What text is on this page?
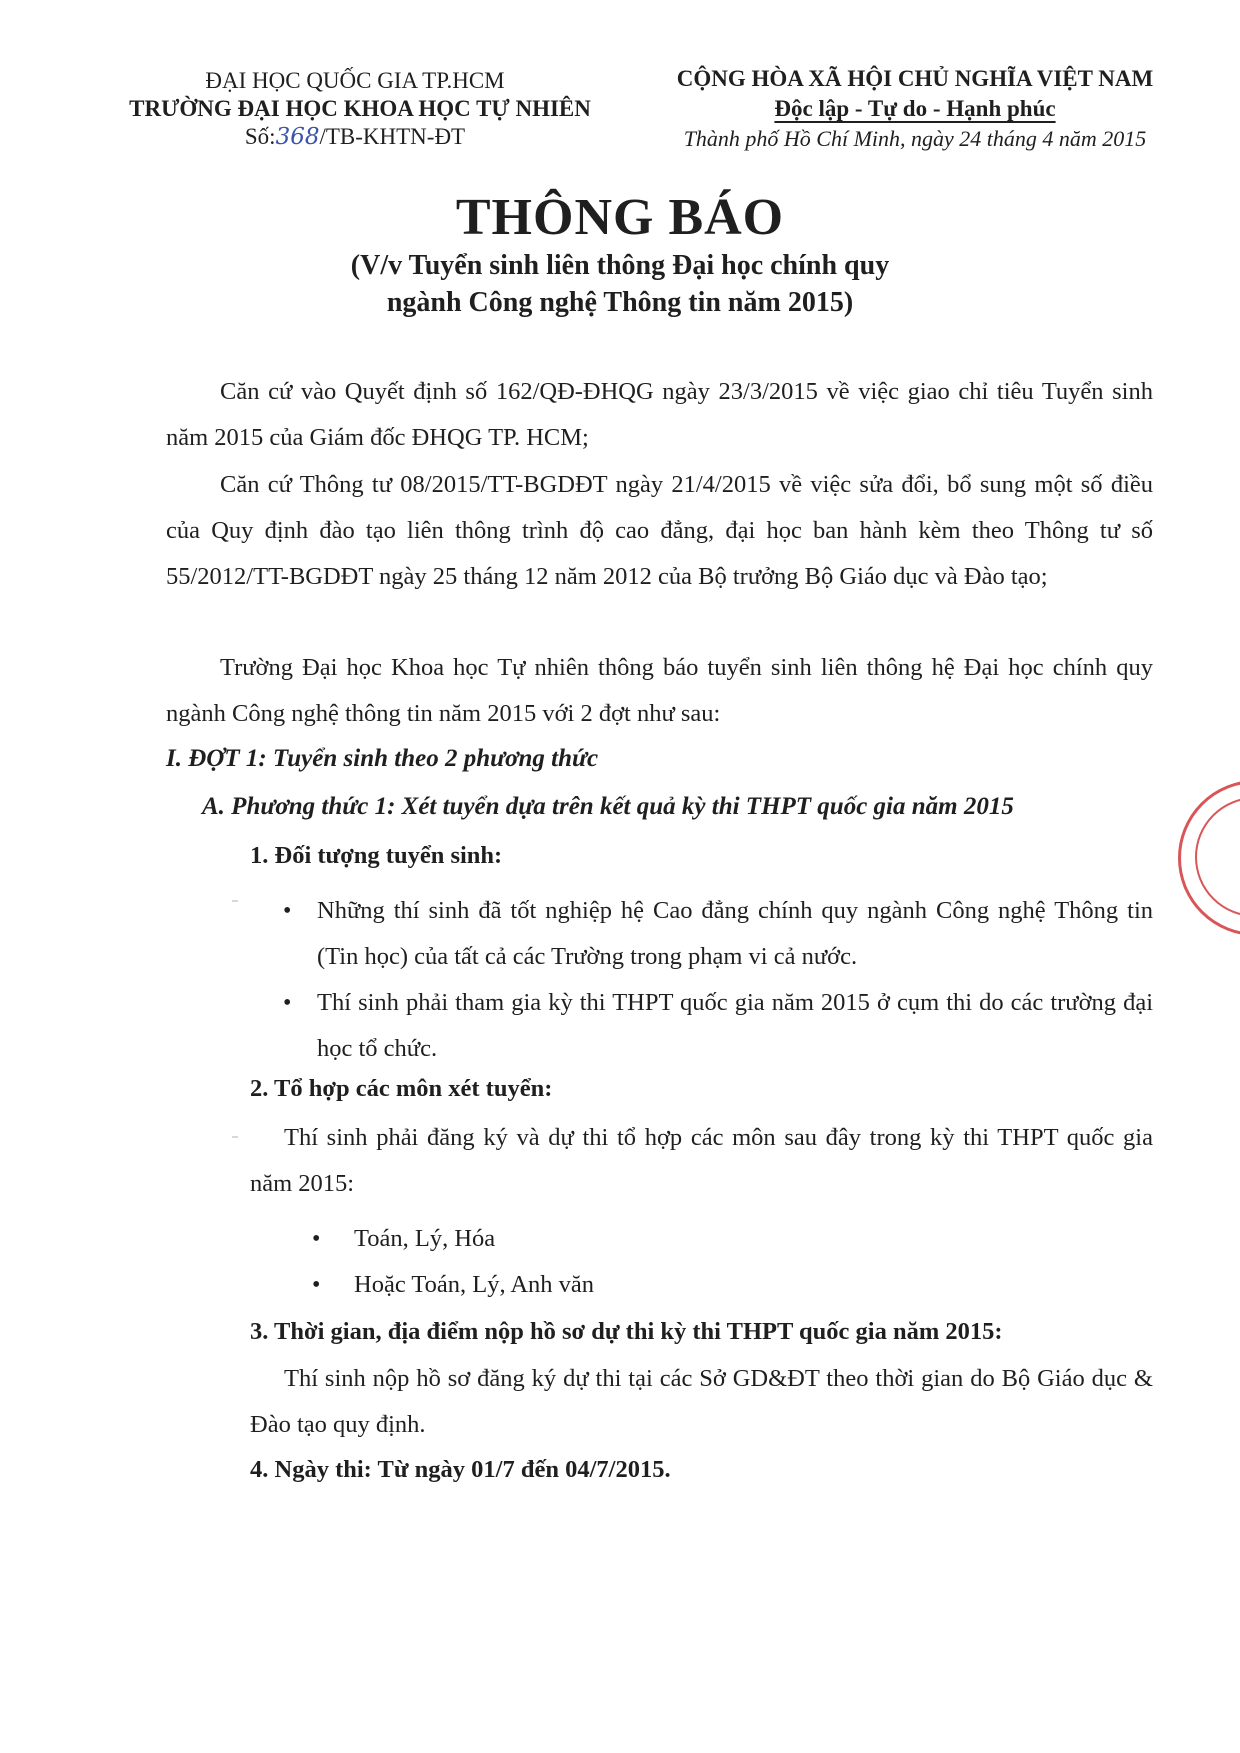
ĐẠI HỌC QUỐC GIA TP.HCM
TRƯỜNG ĐẠI HỌC KHOA HỌC TỰ NHIÊN
Số:368/TB-KHTN-ĐT
CỘNG HÒA XÃ HỘI CHỦ NGHĨA VIỆT NAM
Độc lập - Tự do - Hạnh phúc
Thành phố Hồ Chí Minh, ngày 24 tháng 4 năm 2015
THÔNG BÁO
(V/v Tuyển sinh liên thông Đại học chính quy
ngành Công nghệ Thông tin năm 2015)
Căn cứ vào Quyết định số 162/QĐ-ĐHQG ngày 23/3/2015 về việc giao chỉ tiêu Tuyển sinh năm 2015 của Giám đốc ĐHQG TP. HCM;
Căn cứ Thông tư 08/2015/TT-BGDĐT ngày 21/4/2015 về việc sửa đổi, bổ sung một số điều của Quy định đào tạo liên thông trình độ cao đẳng, đại học ban hành kèm theo Thông tư số 55/2012/TT-BGDĐT ngày 25 tháng 12 năm 2012 của Bộ trưởng Bộ Giáo dục và Đào tạo;
Trường Đại học Khoa học Tự nhiên thông báo tuyển sinh liên thông hệ Đại học chính quy ngành Công nghệ thông tin năm 2015 với 2 đợt như sau:
I. ĐỢT 1: Tuyển sinh theo 2 phương thức
A. Phương thức 1: Xét tuyển dựa trên kết quả kỳ thi THPT quốc gia năm 2015
1. Đối tượng tuyển sinh:
• Những thí sinh đã tốt nghiệp hệ Cao đẳng chính quy ngành Công nghệ Thông tin (Tin học) của tất cả các Trường trong phạm vi cả nước.
• Thí sinh phải tham gia kỳ thi THPT quốc gia năm 2015 ở cụm thi do các trường đại học tổ chức.
2. Tổ hợp các môn xét tuyển:
Thí sinh phải đăng ký và dự thi tổ hợp các môn sau đây trong kỳ thi THPT quốc gia năm 2015:
• Toán, Lý, Hóa
• Hoặc Toán, Lý, Anh văn
3. Thời gian, địa điểm nộp hồ sơ dự thi kỳ thi THPT quốc gia năm 2015:
Thí sinh nộp hồ sơ đăng ký dự thi tại các Sở GD&ĐT theo thời gian do Bộ Giáo dục & Đào tạo quy định.
4. Ngày thi: Từ ngày 01/7 đến 04/7/2015.
